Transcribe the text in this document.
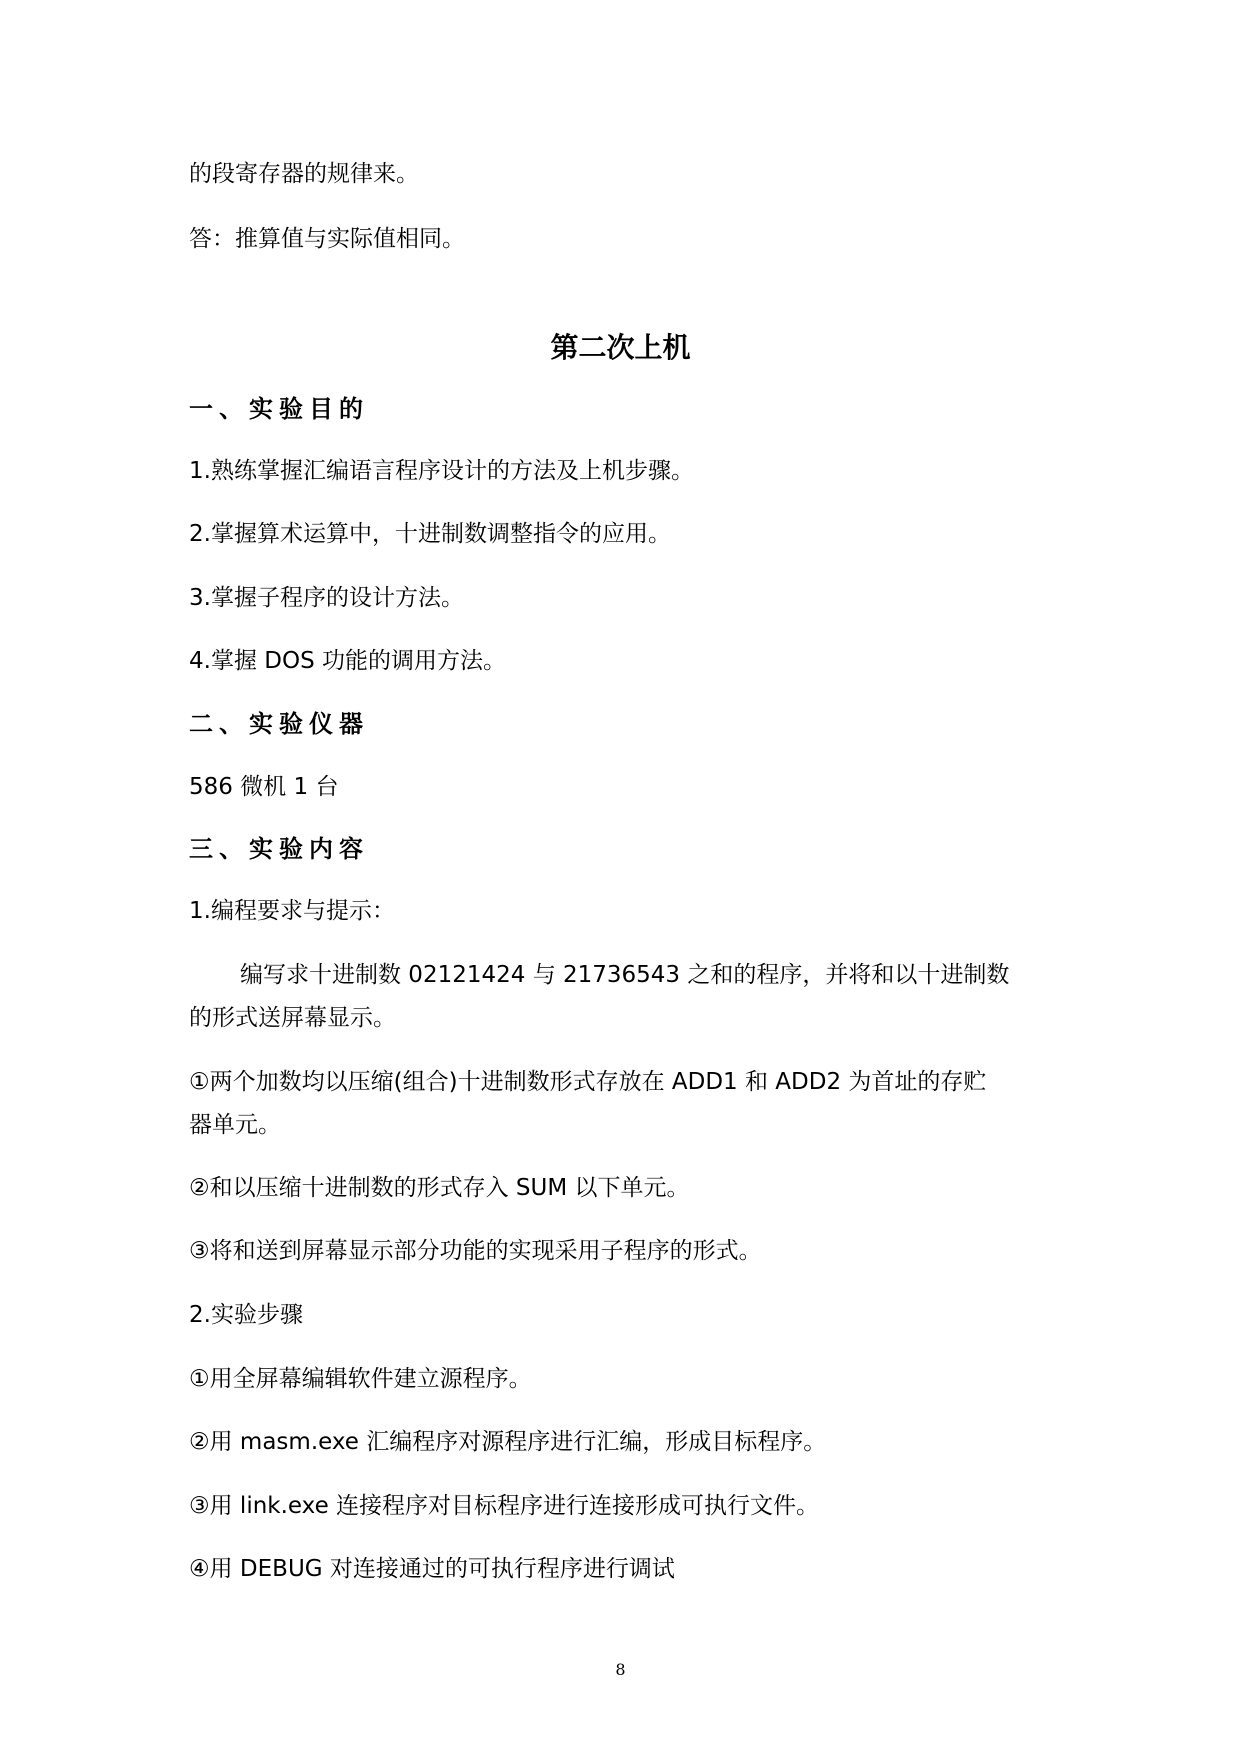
的段寄存器的规律来。
答：推算值与实际值相同。
第二次上机
一、实验目的
1.熟练掌握汇编语言程序设计的方法及上机步骤。
2.掌握算术运算中，十进制数调整指令的应用。
3.掌握子程序的设计方法。
4.掌握 DOS 功能的调用方法。
二、实验仪器
586 微机 1 台
三、实验内容
1.编程要求与提示：
编写求十进制数 02121424 与 21736543 之和的程序，并将和以十进制数
的形式送屏幕显示。
①两个加数均以压缩(组合)十进制数形式存放在 ADD1 和 ADD2 为首址的存贮
器单元。
②和以压缩十进制数的形式存入 SUM 以下单元。
③将和送到屏幕显示部分功能的实现采用子程序的形式。
2.实验步骤
①用全屏幕编辑软件建立源程序。
②用 masm.exe 汇编程序对源程序进行汇编，形成目标程序。
③用 link.exe 连接程序对目标程序进行连接形成可执行文件。
④用 DEBUG 对连接通过的可执行程序进行调试
8
